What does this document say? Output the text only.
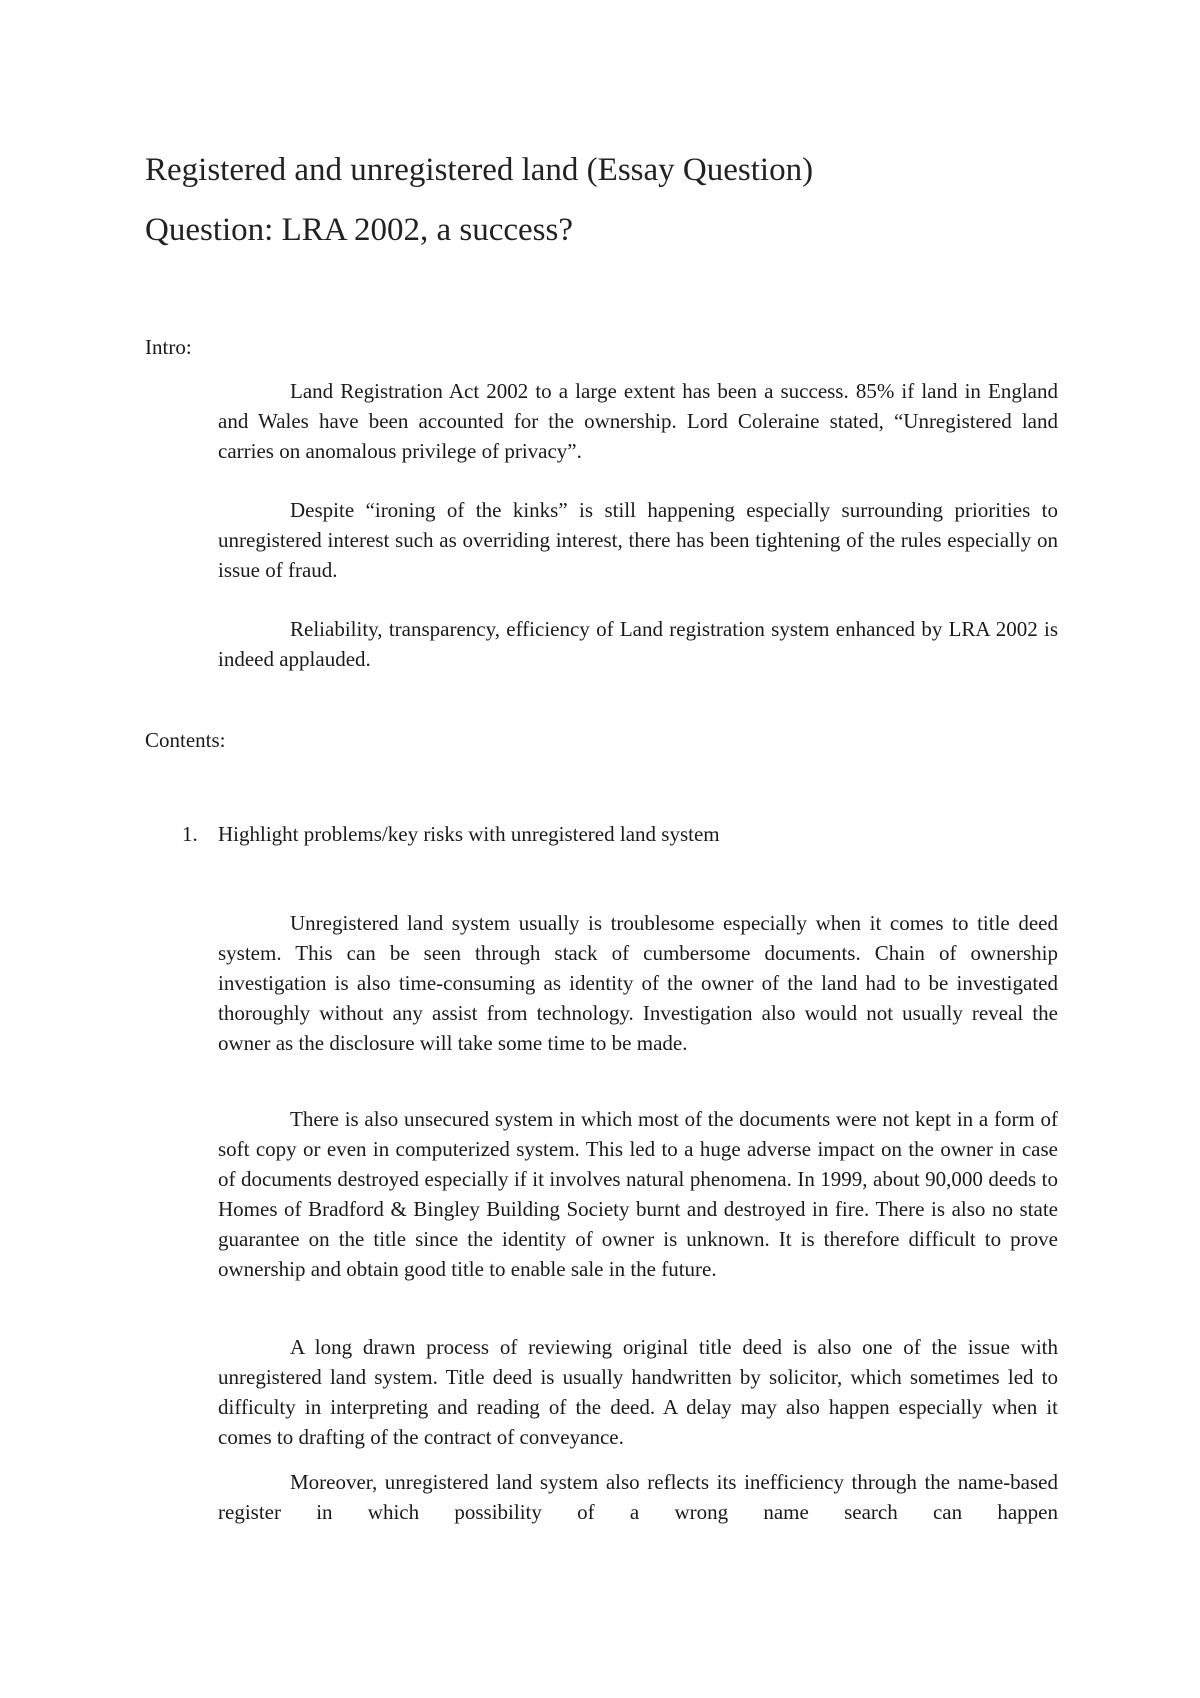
Registered and unregistered land (Essay Question)
Question: LRA 2002, a success?
Intro:

Land Registration Act 2002 to a large extent has been a success. 85% if land in England and Wales have been accounted for the ownership. Lord Coleraine stated, “Unregistered land carries on anomalous privilege of privacy”.

Despite “ironing of the kinks” is still happening especially surrounding priorities to unregistered interest such as overriding interest, there has been tightening of the rules especially on issue of fraud.

Reliability, transparency, efficiency of Land registration system enhanced by LRA 2002 is indeed applauded.

Contents:
1. Highlight problems/key risks with unregistered land system

Unregistered land system usually is troublesome especially when it comes to title deed system. This can be seen through stack of cumbersome documents. Chain of ownership investigation is also time-consuming as identity of the owner of the land had to be investigated thoroughly without any assist from technology. Investigation also would not usually reveal the owner as the disclosure will take some time to be made.

There is also unsecured system in which most of the documents were not kept in a form of soft copy or even in computerized system. This led to a huge adverse impact on the owner in case of documents destroyed especially if it involves natural phenomena. In 1999, about 90,000 deeds to Homes of Bradford & Bingley Building Society burnt and destroyed in fire. There is also no state guarantee on the title since the identity of owner is unknown. It is therefore difficult to prove ownership and obtain good title to enable sale in the future.

A long drawn process of reviewing original title deed is also one of the issue with unregistered land system. Title deed is usually handwritten by solicitor, which sometimes led to difficulty in interpreting and reading of the deed. A delay may also happen especially when it comes to drafting of the contract of conveyance.

Moreover, unregistered land system also reflects its inefficiency through the name-based register in which possibility of a wrong name search can happen
